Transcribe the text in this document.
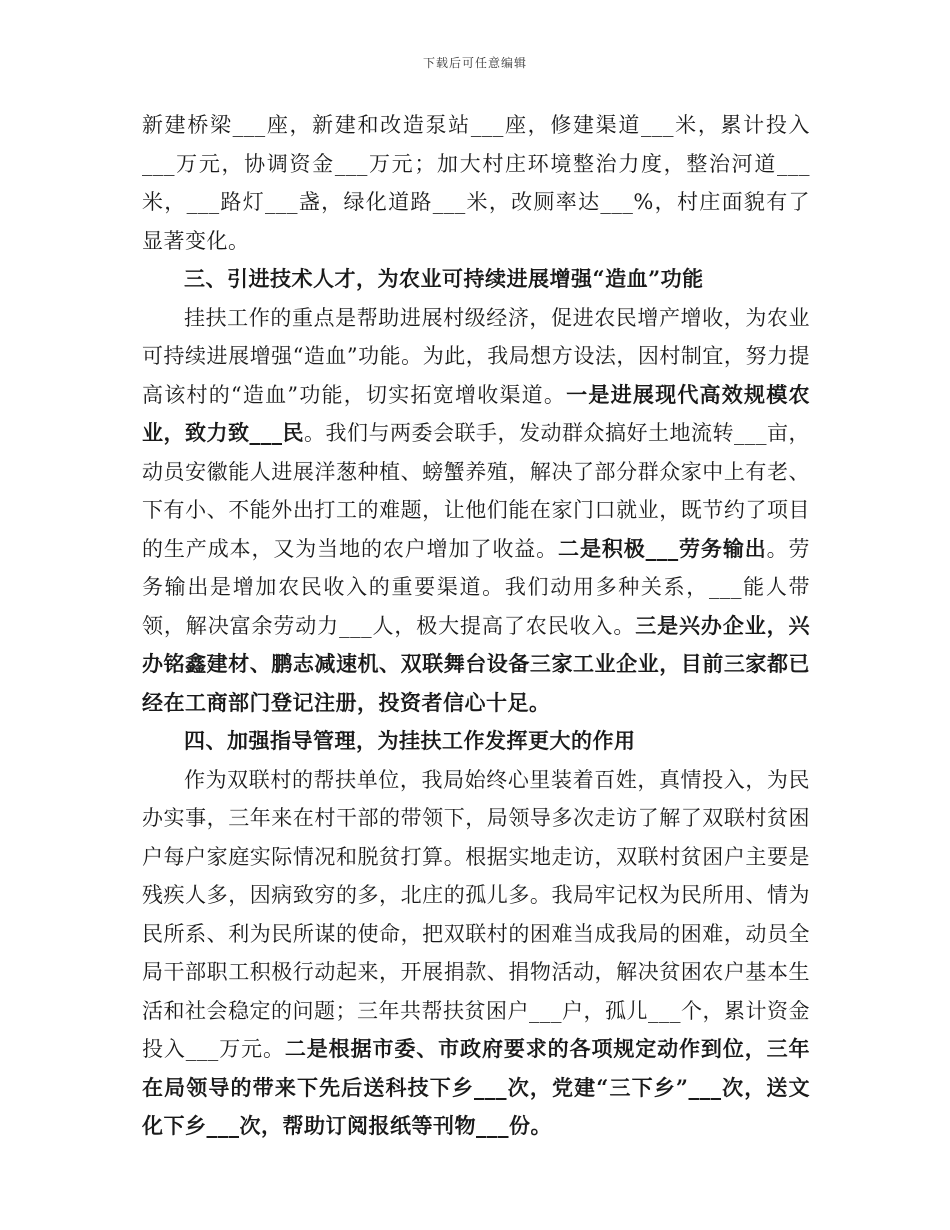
下载后可任意编辑

新建桥梁___座，新建和改造泵站___座，修建渠道___米，累计投入___万元，协调资金___万元；加大村庄环境整治力度，整治河道___米，___路灯___盏，绿化道路___米，改厕率达___%，村庄面貌有了显著变化。

三、引进技术人才，为农业可持续进展增强“造血”功能

挂扶工作的重点是帮助进展村级经济，促进农民增产增收，为农业可持续进展增强“造血”功能。为此，我局想方设法，因村制宜，努力提高该村的“造血”功能，切实拓宽增收渠道。一是进展现代高效规模农业，致力致___民。我们与两委会联手，发动群众搞好土地流转___亩，动员安徽能人进展洋葱种植、螃蟹养殖，解决了部分群众家中上有老、下有小、不能外出打工的难题，让他们能在家门口就业，既节约了项目的生产成本，又为当地的农户增加了收益。二是积极___劳务输出。劳务输出是增加农民收入的重要渠道。我们动用多种关系，___能人带领，解决富余劳动力___人，极大提高了农民收入。三是兴办企业，兴办铭鑫建材、鹏志减速机、双联舞台设备三家工业企业，目前三家都已经在工商部门登记注册，投资者信心十足。

四、加强指导管理，为挂扶工作发挥更大的作用

作为双联村的帮扶单位，我局始终心里装着百姓，真情投入，为民办实事，三年来在村干部的带领下，局领导多次走访了解了双联村贫困户每户家庭实际情况和脱贫打算。根据实地走访，双联村贫困户主要是残疾人多，因病致穷的多，北庄的孤儿多。我局牢记权为民所用、情为民所系、利为民所谋的使命，把双联村的困难当成我局的困难，动员全局干部职工积极行动起来，开展捐款、捐物活动，解决贫困农户基本生活和社会稳定的问题；三年共帮扶贫困户___户，孤儿___个，累计资金投入___万元。二是根据市委、市政府要求的各项规定动作到位，三年在局领导的带来下先后送科技下乡___次，党建“三下乡”___次，送文化下乡___次，帮助订阅报纸等刊物___份。
